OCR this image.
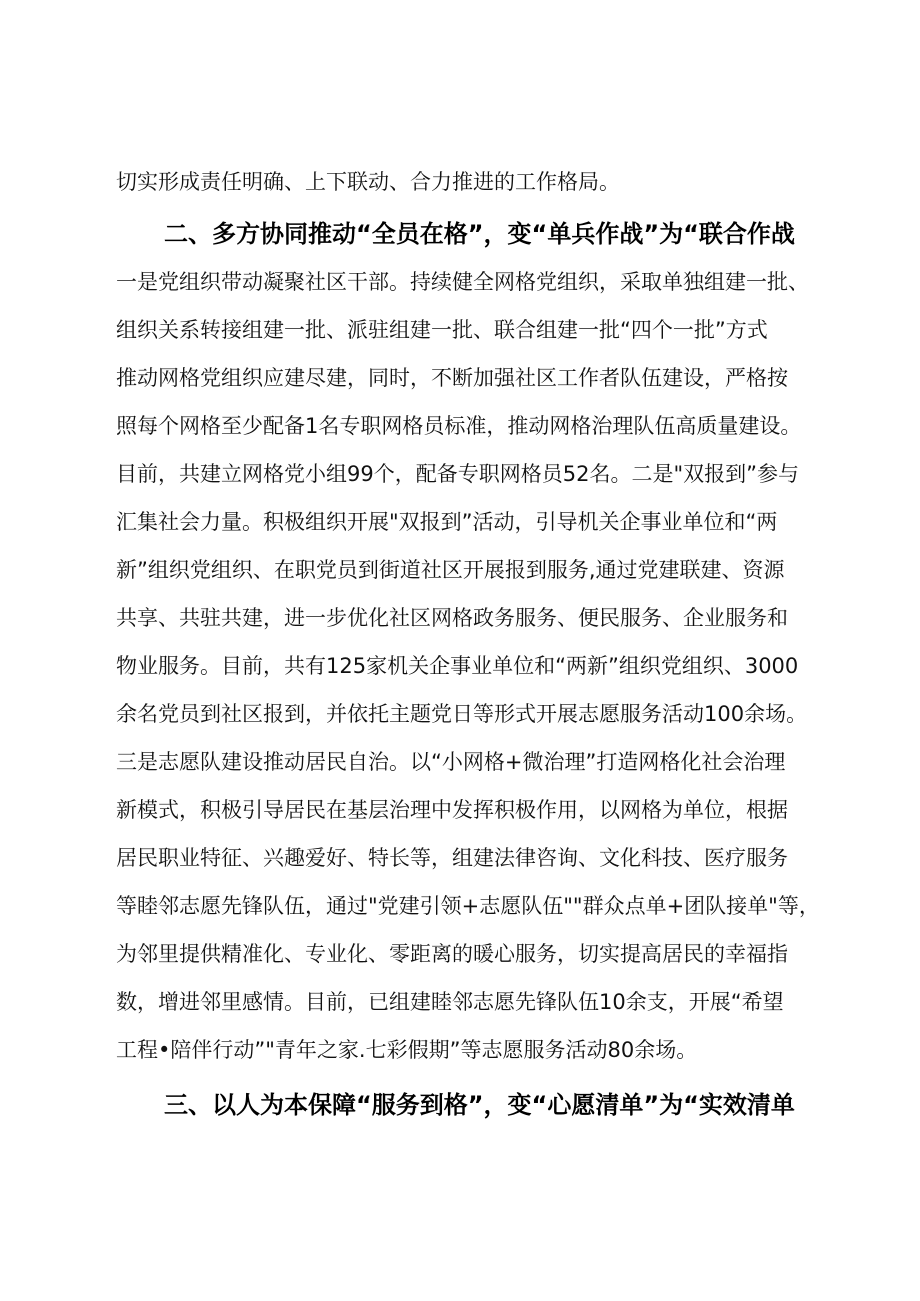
切实形成责任明确、上下联动、合力推进的工作格局。
二、多方协同推动“全员在格”，变“单兵作战”为“联合作战
一是党组织带动凝聚社区干部。持续健全网格党组织，采取单独组建一批、
组织关系转接组建一批、派驻组建一批、联合组建一批“四个一批”方式
推动网格党组织应建尽建，同时，不断加强社区工作者队伍建设，严格按
照每个网格至少配备1名专职网格员标准，推动网格治理队伍高质量建设。
目前，共建立网格党小组99个，配备专职网格员52名。二是"双报到”参与
汇集社会力量。积极组织开展"双报到”活动，引导机关企事业单位和“两
新”组织党组织、在职党员到街道社区开展报到服务,通过党建联建、资源
共享、共驻共建，进一步优化社区网格政务服务、便民服务、企业服务和
物业服务。目前，共有125家机关企事业单位和“两新”组织党组织、3000
余名党员到社区报到，并依托主题党日等形式开展志愿服务活动100余场。
三是志愿队建设推动居民自治。以“小网格+微治理”打造网格化社会治理
新模式，积极引导居民在基层治理中发挥积极作用，以网格为单位，根据
居民职业特征、兴趣爱好、特长等，组建法律咨询、文化科技、医疗服务
等睦邻志愿先锋队伍，通过"党建引领+志愿队伍""群众点单+团队接单"等，
为邻里提供精准化、专业化、零距离的暖心服务，切实提高居民的幸福指
数，增进邻里感情。目前，已组建睦邻志愿先锋队伍10余支，开展“希望
工程•陪伴行动”"青年之家.七彩假期”等志愿服务活动80余场。
三、以人为本保障“服务到格”，变“心愿清单”为“实效清单
